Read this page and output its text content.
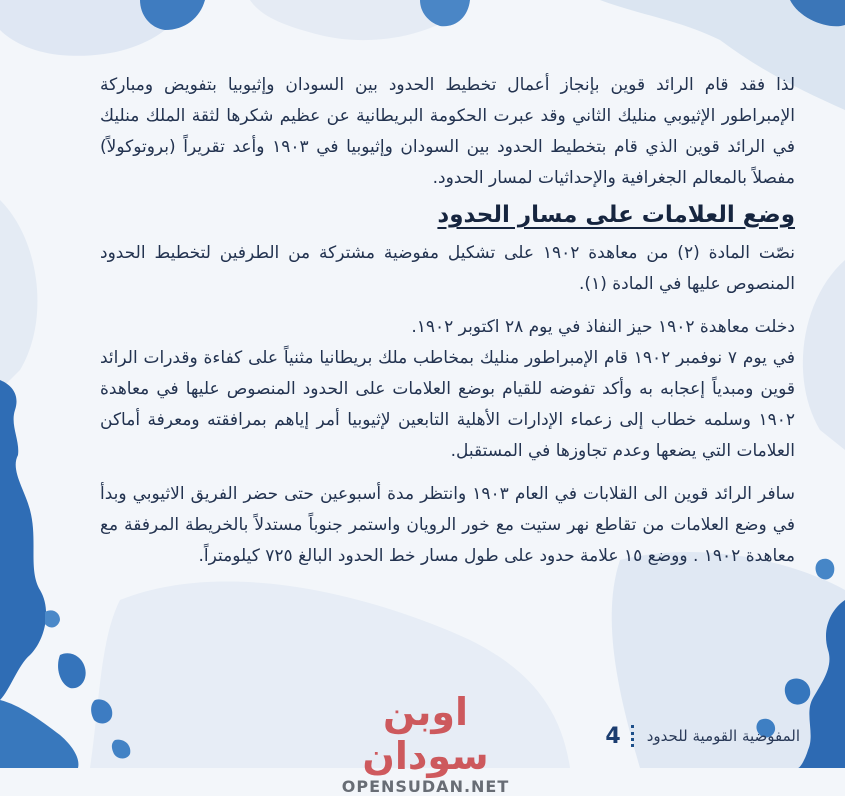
لذا فقد قام الرائد قوين بإنجاز أعمال تخطيط الحدود بين السودان وإثيوبيا بتفويض ومباركة الإمبراطور الإثيوبي منليك الثاني وقد عبرت الحكومة البريطانية عن عظيم شكرها لثقة الملك منليك في الرائد قوين الذي قام بتخطيط الحدود بين السودان وإثيوبيا في ١٩٠٣ وأعد تقريراً (بروتوكولاً) مفصلاً بالمعالم الجغرافية والإحداثيات لمسار الحدود.

وضع العلامات على مسار الحدود

نصّت المادة (٢) من معاهدة ١٩٠٢ على تشكيل مفوضية مشتركة من الطرفين لتخطيط الحدود المنصوص عليها في المادة (١).

دخلت معاهدة ١٩٠٢ حيز النفاذ في يوم ٢٨ اكتوبر ١٩٠٢.

في يوم ٧ نوفمبر ١٩٠٢ قام الإمبراطور منليك بمخاطب ملك بريطانيا مثنياً على كفاءة وقدرات الرائد قوين ومبدياً إعجابه به وأكد تفوضه للقيام بوضع العلامات على الحدود المنصوص عليها في معاهدة ١٩٠٢ وسلمه خطاب إلى زعماء الإدارات الأهلية التابعين لإثيوبيا أمر إياهم بمرافقته ومعرفة أماكن العلامات التي يضعها وعدم تجاوزها في المستقبل.

سافر الرائد قوين الى القلابات في العام ١٩٠٣ وانتظر مدة أسبوعين حتى حضر الفريق الاثيوبي وبدأ في وضع العلامات من تقاطع نهر ستيت مع خور الرويان واستمر جنوباً مستدلاً بالخريطة المرفقة مع معاهدة ١٩٠٢ . ووضع ١٥ علامة حدود على طول مسار خط الحدود البالغ ٧٢٥ كيلومتراً.

اوبن سودان
OPENSUDAN.NET
المفوضية القومية للحدود
4
